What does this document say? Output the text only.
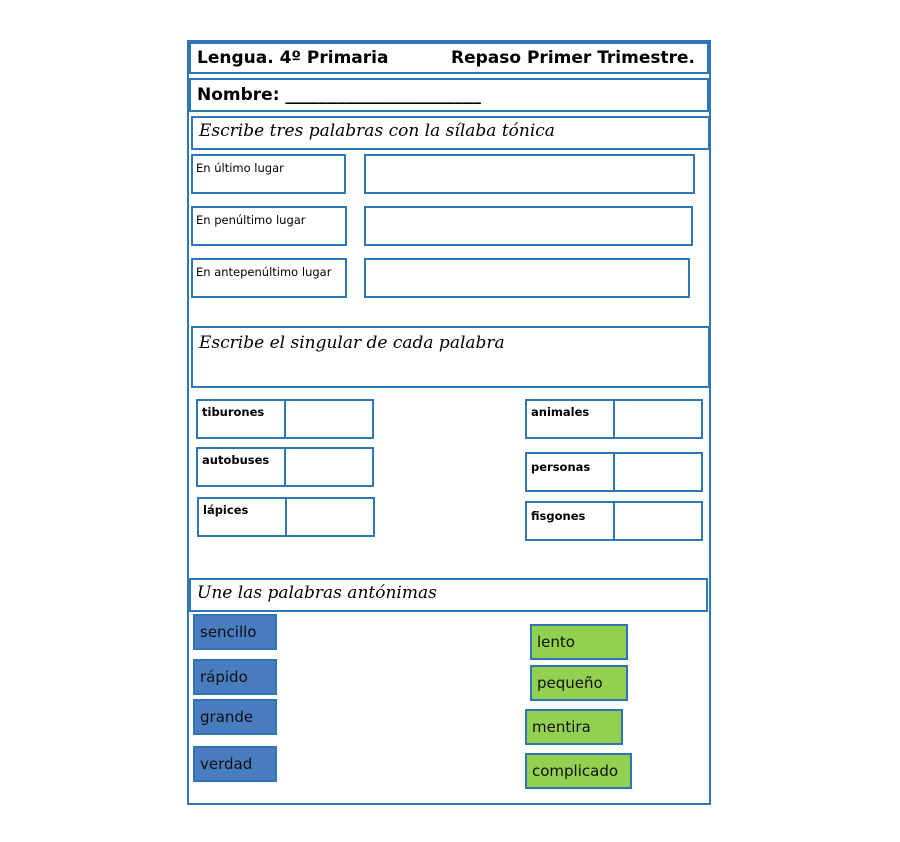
Lengua. 4º Primaria	Repaso Primer Trimestre.
Nombre: _______________________
Escribe tres palabras con la sílaba tónica
En último lugar
En penúltimo lugar
En antepenúltimo lugar
Escribe el singular de cada palabra
tiburones
autobuses
lápices
animales
personas
fisgones
Une las palabras antónimas
sencillo
rápido
grande
verdad
lento
pequeño
mentira
complicado
